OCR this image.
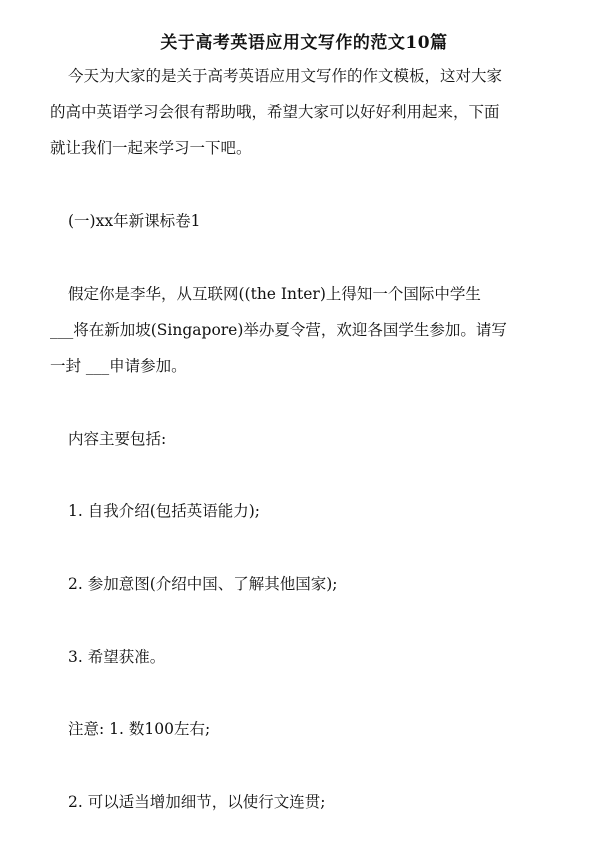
关于高考英语应用文写作的范文10篇
今天为大家的是关于高考英语应用文写作的作文模板，这对大家
的高中英语学习会很有帮助哦，希望大家可以好好利用起来，下面
就让我们一起来学习一下吧。
(一)xx年新课标卷1
假定你是李华，从互联网((the Inter)上得知一个国际中学生
___将在新加坡(Singapore)举办夏令营，欢迎各国学生参加。请写
一封 ___申请参加。
内容主要包括:
1. 自我介绍(包括英语能力);
2. 参加意图(介绍中国、了解其他国家);
3. 希望获准。
注意: 1. 数100左右;
2. 可以适当增加细节，以使行文连贯;
